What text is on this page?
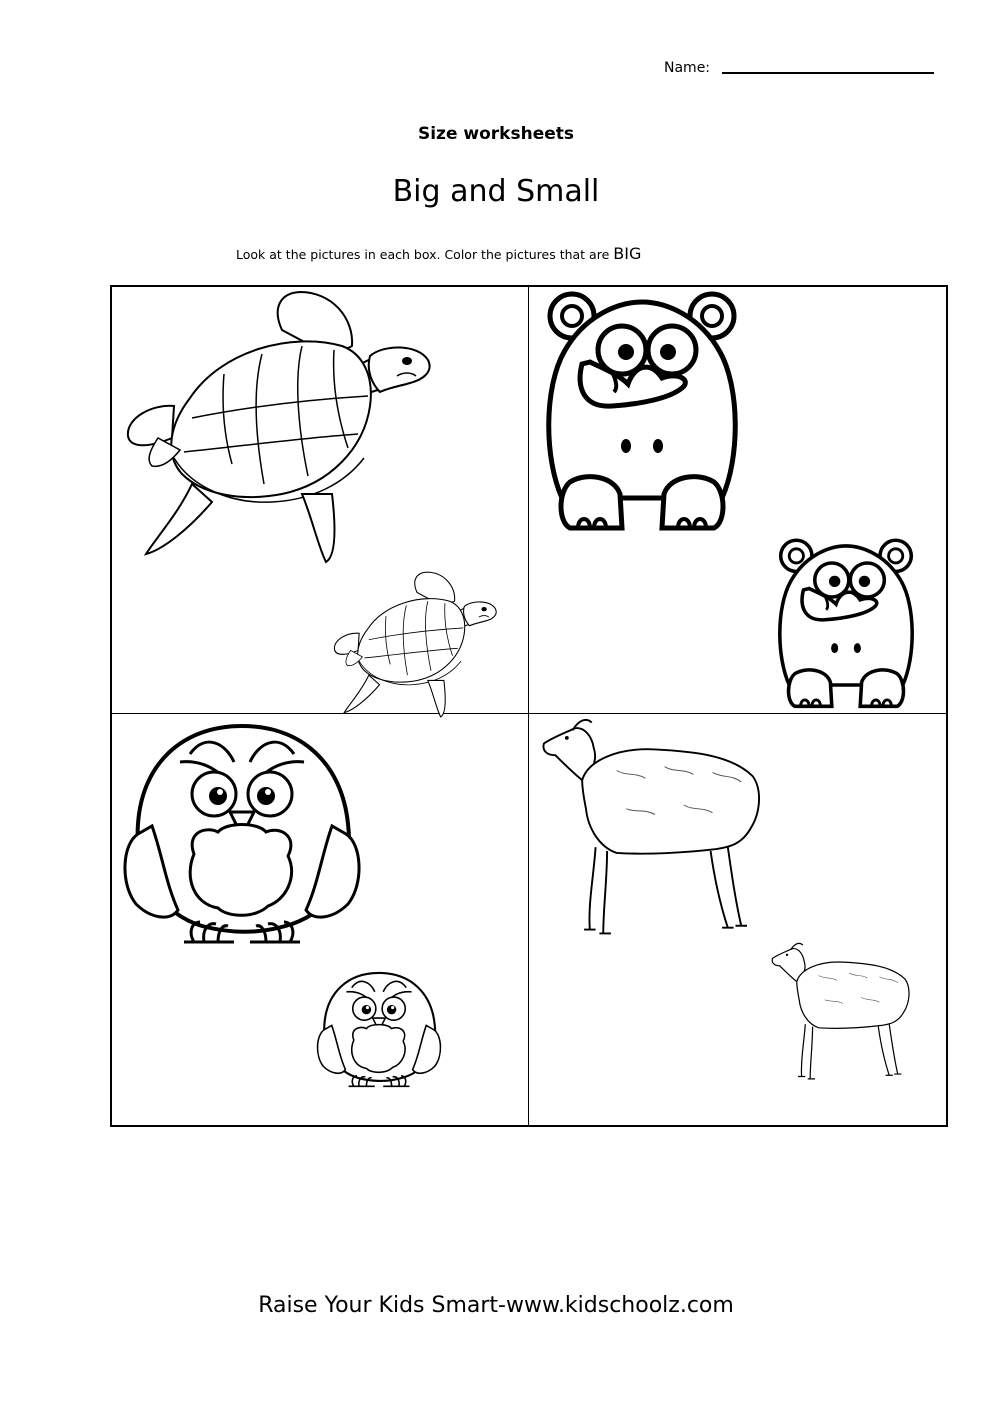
Name:
Size worksheets
Big and Small
Look at the pictures in each box. Color the pictures that are BIG
Raise Your Kids Smart-www.kidschoolz.com
